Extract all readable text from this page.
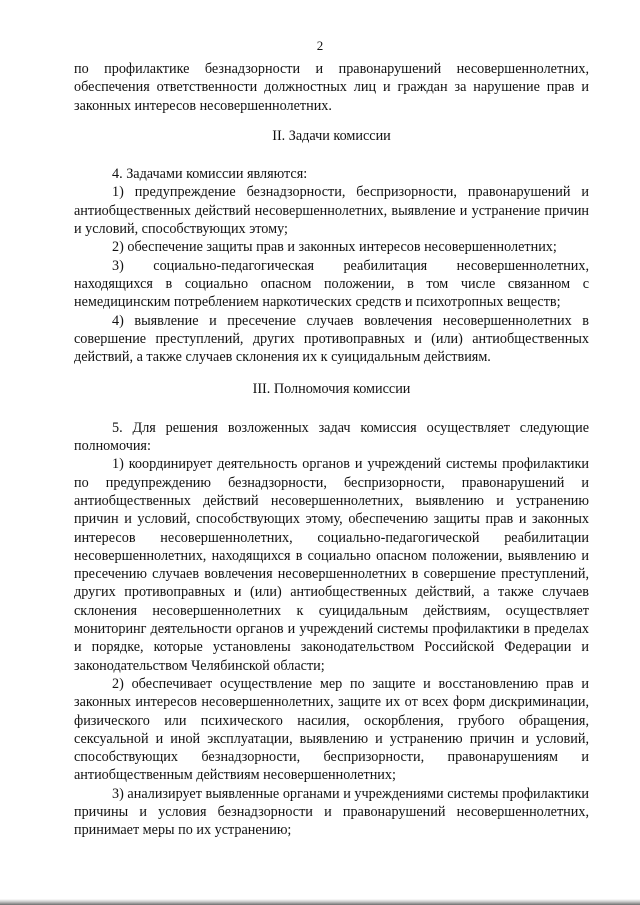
2

по профилактике безнадзорности и правонарушений несовершеннолетних, обеспечения ответственности должностных лиц и граждан за нарушение прав и законных интересов несовершеннолетних.

II. Задачи комиссии

4. Задачами комиссии являются:

1) предупреждение безнадзорности, беспризорности, правонарушений и антиобщественных действий несовершеннолетних, выявление и устранение причин и условий, способствующих этому;

2) обеспечение защиты прав и законных интересов несовершеннолетних;

3) социально-педагогическая реабилитация несовершеннолетних, находящихся в социально опасном положении, в том числе связанном с немедицинским потреблением наркотических средств и психотропных веществ;

4) выявление и пресечение случаев вовлечения несовершеннолетних в совершение преступлений, других противоправных и (или) антиобщественных действий, а также случаев склонения их к суицидальным действиям.

III. Полномочия комиссии

5. Для решения возложенных задач комиссия осуществляет следующие полномочия:

1) координирует деятельность органов и учреждений системы профилактики по предупреждению безнадзорности, беспризорности, правонарушений и антиобщественных действий несовершеннолетних, выявлению и устранению причин и условий, способствующих этому, обеспечению защиты прав и законных интересов несовершеннолетних, социально-педагогической реабилитации несовершеннолетних, находящихся в социально опасном положении, выявлению и пресечению случаев вовлечения несовершеннолетних в совершение преступлений, других противоправных и (или) антиобщественных действий, а также случаев склонения несовершеннолетних к суицидальным действиям, осуществляет мониторинг деятельности органов и учреждений системы профилактики в пределах и порядке, которые установлены законодательством Российской Федерации и законодательством Челябинской области;

2) обеспечивает осуществление мер по защите и восстановлению прав и законных интересов несовершеннолетних, защите их от всех форм дискриминации, физического или психического насилия, оскорбления, грубого обращения, сексуальной и иной эксплуатации, выявлению и устранению причин и условий, способствующих безнадзорности, беспризорности, правонарушениям и антиобщественным действиям несовершеннолетних;

3) анализирует выявленные органами и учреждениями системы профилактики причины и условия безнадзорности и правонарушений несовершеннолетних, принимает меры по их устранению;
